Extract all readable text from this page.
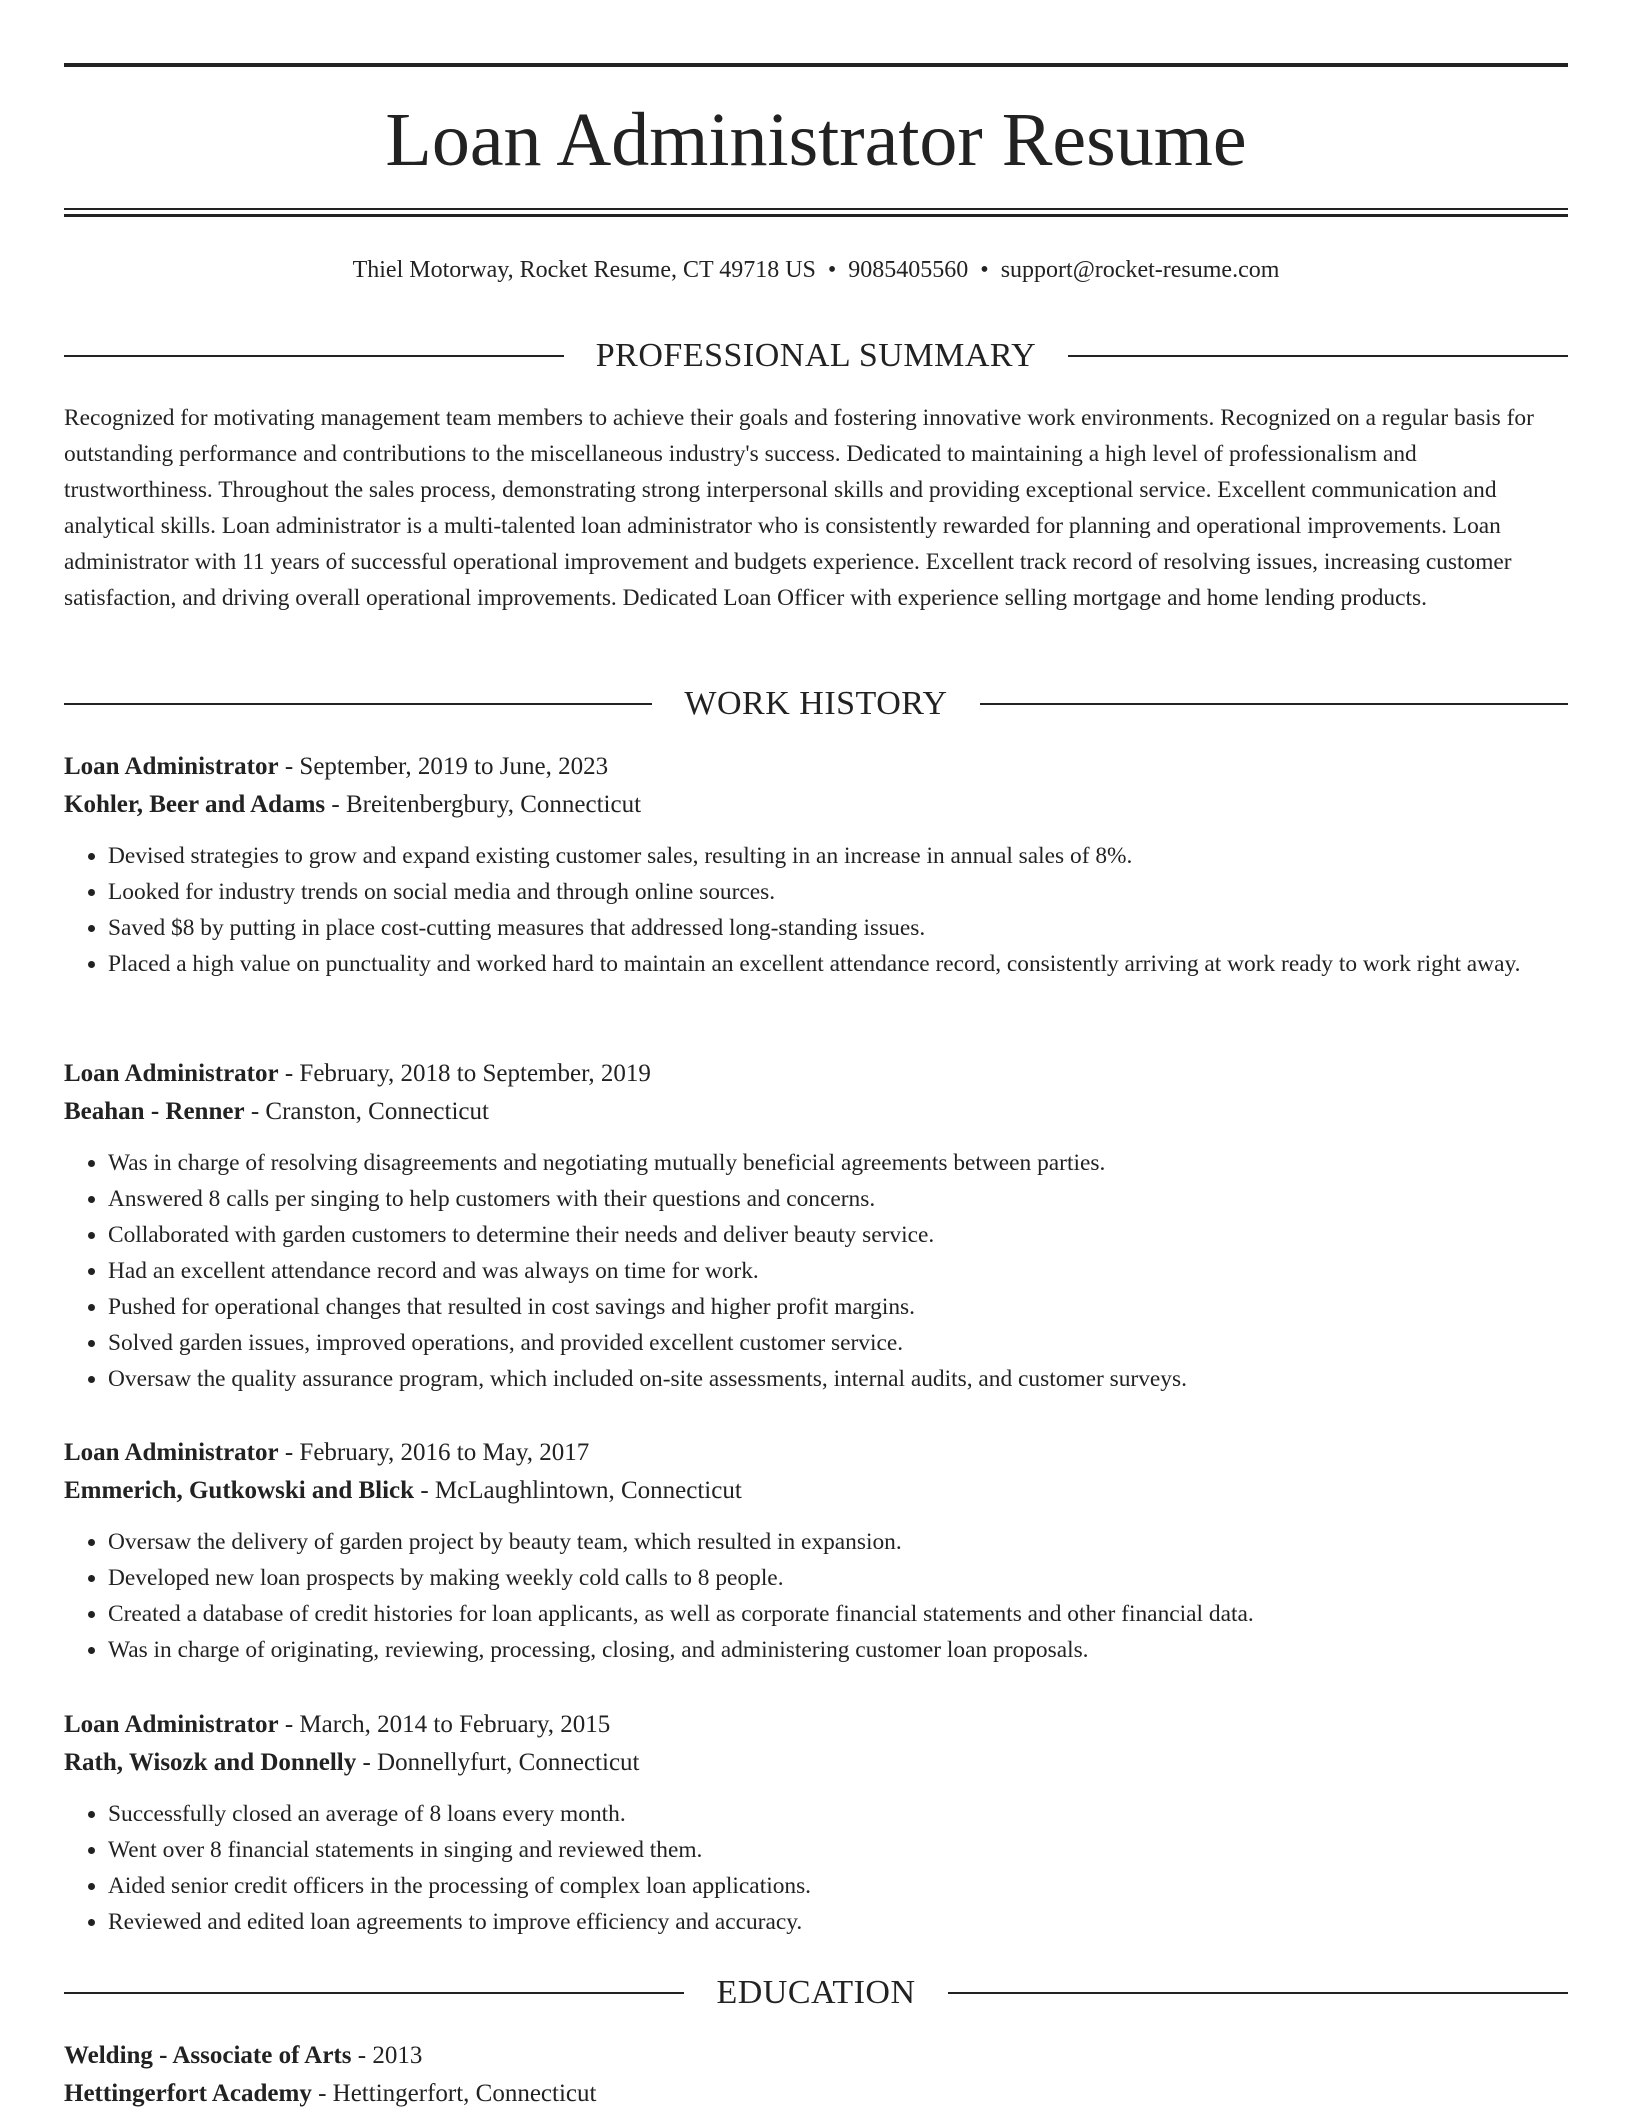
Loan Administrator Resume
Thiel Motorway, Rocket Resume, CT 49718 US • 9085405560 • support@rocket-resume.com
PROFESSIONAL SUMMARY

Recognized for motivating management team members to achieve their goals and fostering innovative work environments. Recognized on a regular basis for outstanding performance and contributions to the miscellaneous industry's success. Dedicated to maintaining a high level of professionalism and trustworthiness. Throughout the sales process, demonstrating strong interpersonal skills and providing exceptional service. Excellent communication and analytical skills. Loan administrator is a multi-talented loan administrator who is consistently rewarded for planning and operational improvements. Loan administrator with 11 years of successful operational improvement and budgets experience. Excellent track record of resolving issues, increasing customer satisfaction, and driving overall operational improvements. Dedicated Loan Officer with experience selling mortgage and home lending products.

WORK HISTORY

Loan Administrator - September, 2019 to June, 2023

Kohler, Beer and Adams - Breitenbergbury, Connecticut

• Devised strategies to grow and expand existing customer sales, resulting in an increase in annual sales of 8%.
• Looked for industry trends on social media and through online sources.
• Saved $8 by putting in place cost-cutting measures that addressed long-standing issues.
• Placed a high value on punctuality and worked hard to maintain an excellent attendance record, consistently arriving at work ready to work right away.

Loan Administrator - February, 2018 to September, 2019

Beahan - Renner - Cranston, Connecticut

• Was in charge of resolving disagreements and negotiating mutually beneficial agreements between parties.
• Answered 8 calls per singing to help customers with their questions and concerns.
• Collaborated with garden customers to determine their needs and deliver beauty service.
• Had an excellent attendance record and was always on time for work.
• Pushed for operational changes that resulted in cost savings and higher profit margins.
• Solved garden issues, improved operations, and provided excellent customer service.
• Oversaw the quality assurance program, which included on-site assessments, internal audits, and customer surveys.

Loan Administrator - February, 2016 to May, 2017

Emmerich, Gutkowski and Blick - McLaughlintown, Connecticut

• Oversaw the delivery of garden project by beauty team, which resulted in expansion.
• Developed new loan prospects by making weekly cold calls to 8 people.
• Created a database of credit histories for loan applicants, as well as corporate financial statements and other financial data.
• Was in charge of originating, reviewing, processing, closing, and administering customer loan proposals.

Loan Administrator - March, 2014 to February, 2015

Rath, Wisozk and Donnelly - Donnellyfurt, Connecticut

• Successfully closed an average of 8 loans every month.
• Went over 8 financial statements in singing and reviewed them.
• Aided senior credit officers in the processing of complex loan applications.
• Reviewed and edited loan agreements to improve efficiency and accuracy.
EDUCATION

Welding - Associate of Arts - 2013

Hettingerfort Academy - Hettingerfort, Connecticut
